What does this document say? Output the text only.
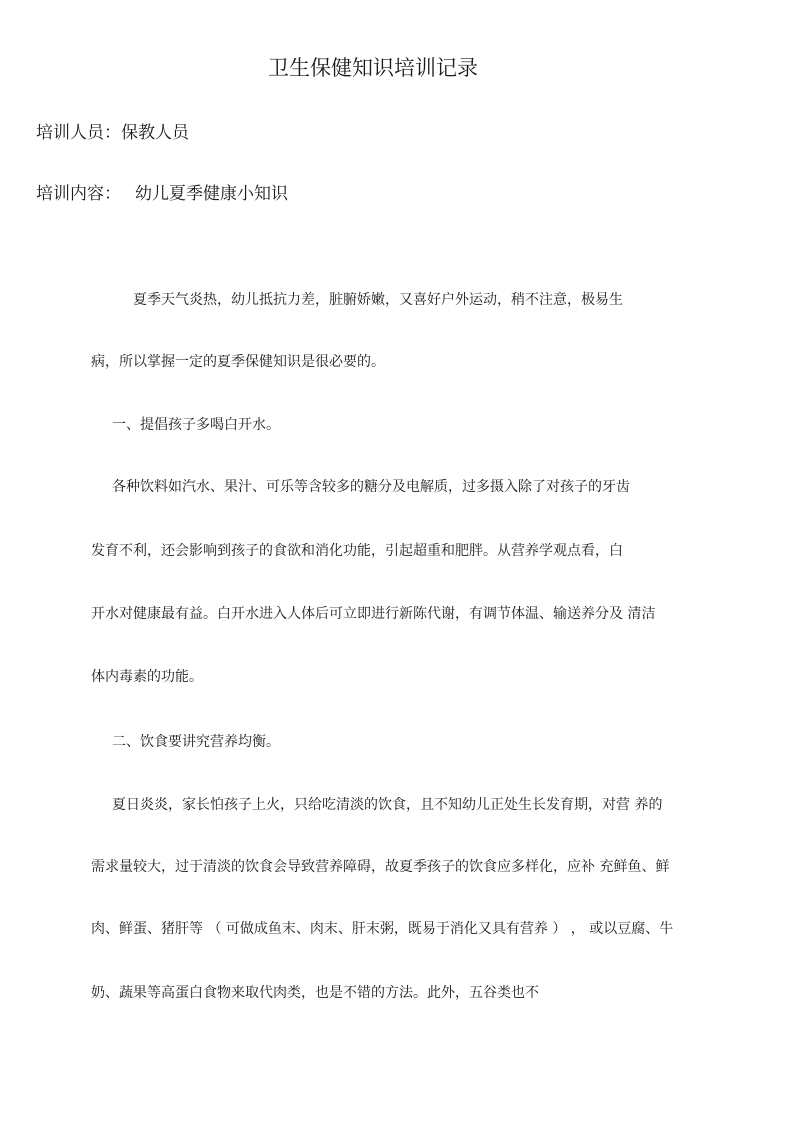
卫生保健知识培训记录
培训人员：保教人员
培训内容： 幼儿夏季健康小知识
夏季天气炎热，幼儿抵抗力差，脏腑娇嫩，又喜好户外运动，稍不注意，极易生
病，所以掌握一定的夏季保健知识是很必要的。
一、提倡孩子多喝白开水。
各种饮料如汽水、果汁、可乐等含较多的糖分及电解质，过多摄入除了对孩子的牙齿
发育不利，还会影响到孩子的食欲和消化功能，引起超重和肥胖。从营养学观点看，白
开水对健康最有益。白开水进入人体后可立即进行新陈代谢，有调节体温、输送养分及 清洁
体内毒素的功能。
二、饮食要讲究营养均衡。
夏日炎炎，家长怕孩子上火，只给吃清淡的饮食，且不知幼儿正处生长发育期，对营 养的
需求量较大，过于清淡的饮食会导致营养障碍，故夏季孩子的饮食应多样化，应补 充鲜鱼、鲜
肉、鲜蛋、猪肝等 （ 可做成鱼末、肉末、肝末粥，既易于消化又具有营养 ） ， 或以豆腐、牛
奶、蔬果等高蛋白食物来取代肉类，也是不错的方法。此外，五谷类也不
